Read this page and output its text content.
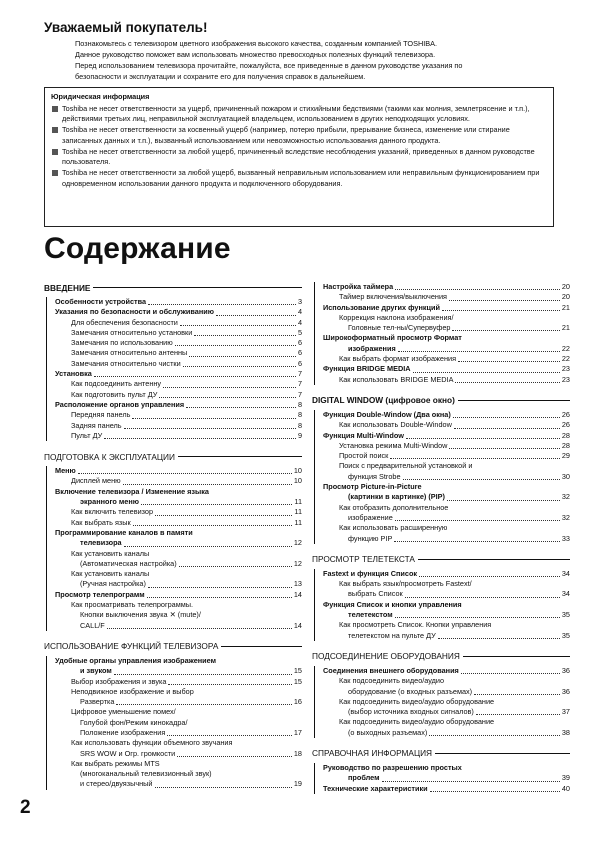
Уважаемый покупатель!

Познакомьтесь с телевизором цветного изображения высокого качества, созданным компанией TOSHIBA.

Данное руководство поможет вам использовать множество превосходных полезных функций телевизора.

Перед использованием телевизора прочитайте, пожалуйста, все приведенные в данном руководстве указания по

безопасности и эксплуатации и сохраните его для получения справок в дальнейшем.

Юридическая информация
Toshiba не несет ответственности за ущерб, причиненный пожаром и стихийными бедствиями (такими как молния, землетрясение и т.п.), действиями третьих лиц, неправильной эксплуатацией владельцем, использованием в других неподходящих условиях.
Toshiba не несет ответственности за косвенный ущерб (например, потерю прибыли, прерывание бизнеса, изменение или стирание записанных данных и т.п.), вызванный использованием или невозможностью использования данного продукта.
Toshiba не несет ответственности за любой ущерб, причиненный вследствие несоблюдения указаний, приведенных в данном руководстве пользователя.
Toshiba не несет ответственности за любой ущерб, вызванный неправильным использованием или неправильным функционированием при одновременном использовании данного продукта и подключенного оборудования.
Содержание
ВВЕДЕНИЕ
Особенности устройства	3
Указания по безопасности и обслуживанию	4
Для обеспечения безопасности	4
Замечания относительно установки	5
Замечания по использованию	6
Замечания относительно антенны	6
Замечания относительно чистки	6
Установка	7
Как подсоединить антенну	7
Как подготовить пульт ДУ	7
Расположение органов управления	8
Передняя панель	8
Задняя панель	8
Пульт ДУ	9
ПОДГОТОВКА К ЭКСПЛУАТАЦИИ
Меню	10
Дисплей меню	10
Включение телевизора / Изменение языка
экранного меню	11
Как включить телевизор	11
Как выбрать язык	11
Программирование каналов в памяти
телевизора	12
Как установить каналы
(Автоматическая настройка)	12
Как установить каналы
(Ручная настройка)	13
Просмотр телепрограмм	14
Как просматривать телепрограммы.
Кнопки выключения звука ✕ (mute)/
CALL/F	14
ИСПОЛЬЗОВАНИЕ ФУНКЦИЙ ТЕЛЕВИЗОРА
Удобные органы управления изображением
и звуком	15
Выбор изображения и звука	15
Неподвижное изображение и выбор
Развертка	16
Цифровое уменьшение помех/
Голубой фон/Режим кинокадра/
Положение изображения	17
Как использовать функции объемного звучания
SRS WOW и Огр. громкости	18
Как выбрать режимы MTS
(многоканальный телевизионный звук)
и стерео/двуязычный	19
Настройка таймера	20
Таймер включения/выключения	20
Использование других функций	21
Коррекция наклона изображения/
Головные тел-ны/Супервуфер	21
Широкоформатный просмотр Формат
изображения	22
Как выбрать формат изображения	22
Функция BRIDGE MEDIA	23
Как использовать BRIDGE MEDIA	23
DIGITAL WINDOW (цифровое окно)
Функция Double-Window (Два окна)	26
Как использовать Double-Window	26
Функция Multi-Window	28
Установка режима Multi-Window	28
Простой поиск	29
Поиск с предварительной установкой и
функция Strobe	30
Просмотр Picture-in-Picture
(картинки в картинке) (PIP)	32
Как отобразить дополнительное
изображение	32
Как использовать расширенную
функцию PIP	33
ПРОСМОТР ТЕЛЕТЕКСТА
Fastext и функция Список	34
Как выбрать язык/просмотреть Fastext/
выбрать Список	34
Функция Список и кнопки управления
телетекстом	35
Как просмотреть Список. Кнопки управления
телетекстом на пульте ДУ	35
ПОДСОЕДИНЕНИЕ ОБОРУДОВАНИЯ
Соединения внешнего оборудования	36
Как подсоединить видео/аудио
оборудование (о входных разъемах)	36
Как подсоединить видео/аудио оборудование
(выбор источника входных сигналов)	37
Как подсоединить видео/аудио оборудование
(о выходных разъемах)	38
СПРАВОЧНАЯ ИНФОРМАЦИЯ
Руководство по разрешению простых
проблем	39
Технические характеристики	40
2
